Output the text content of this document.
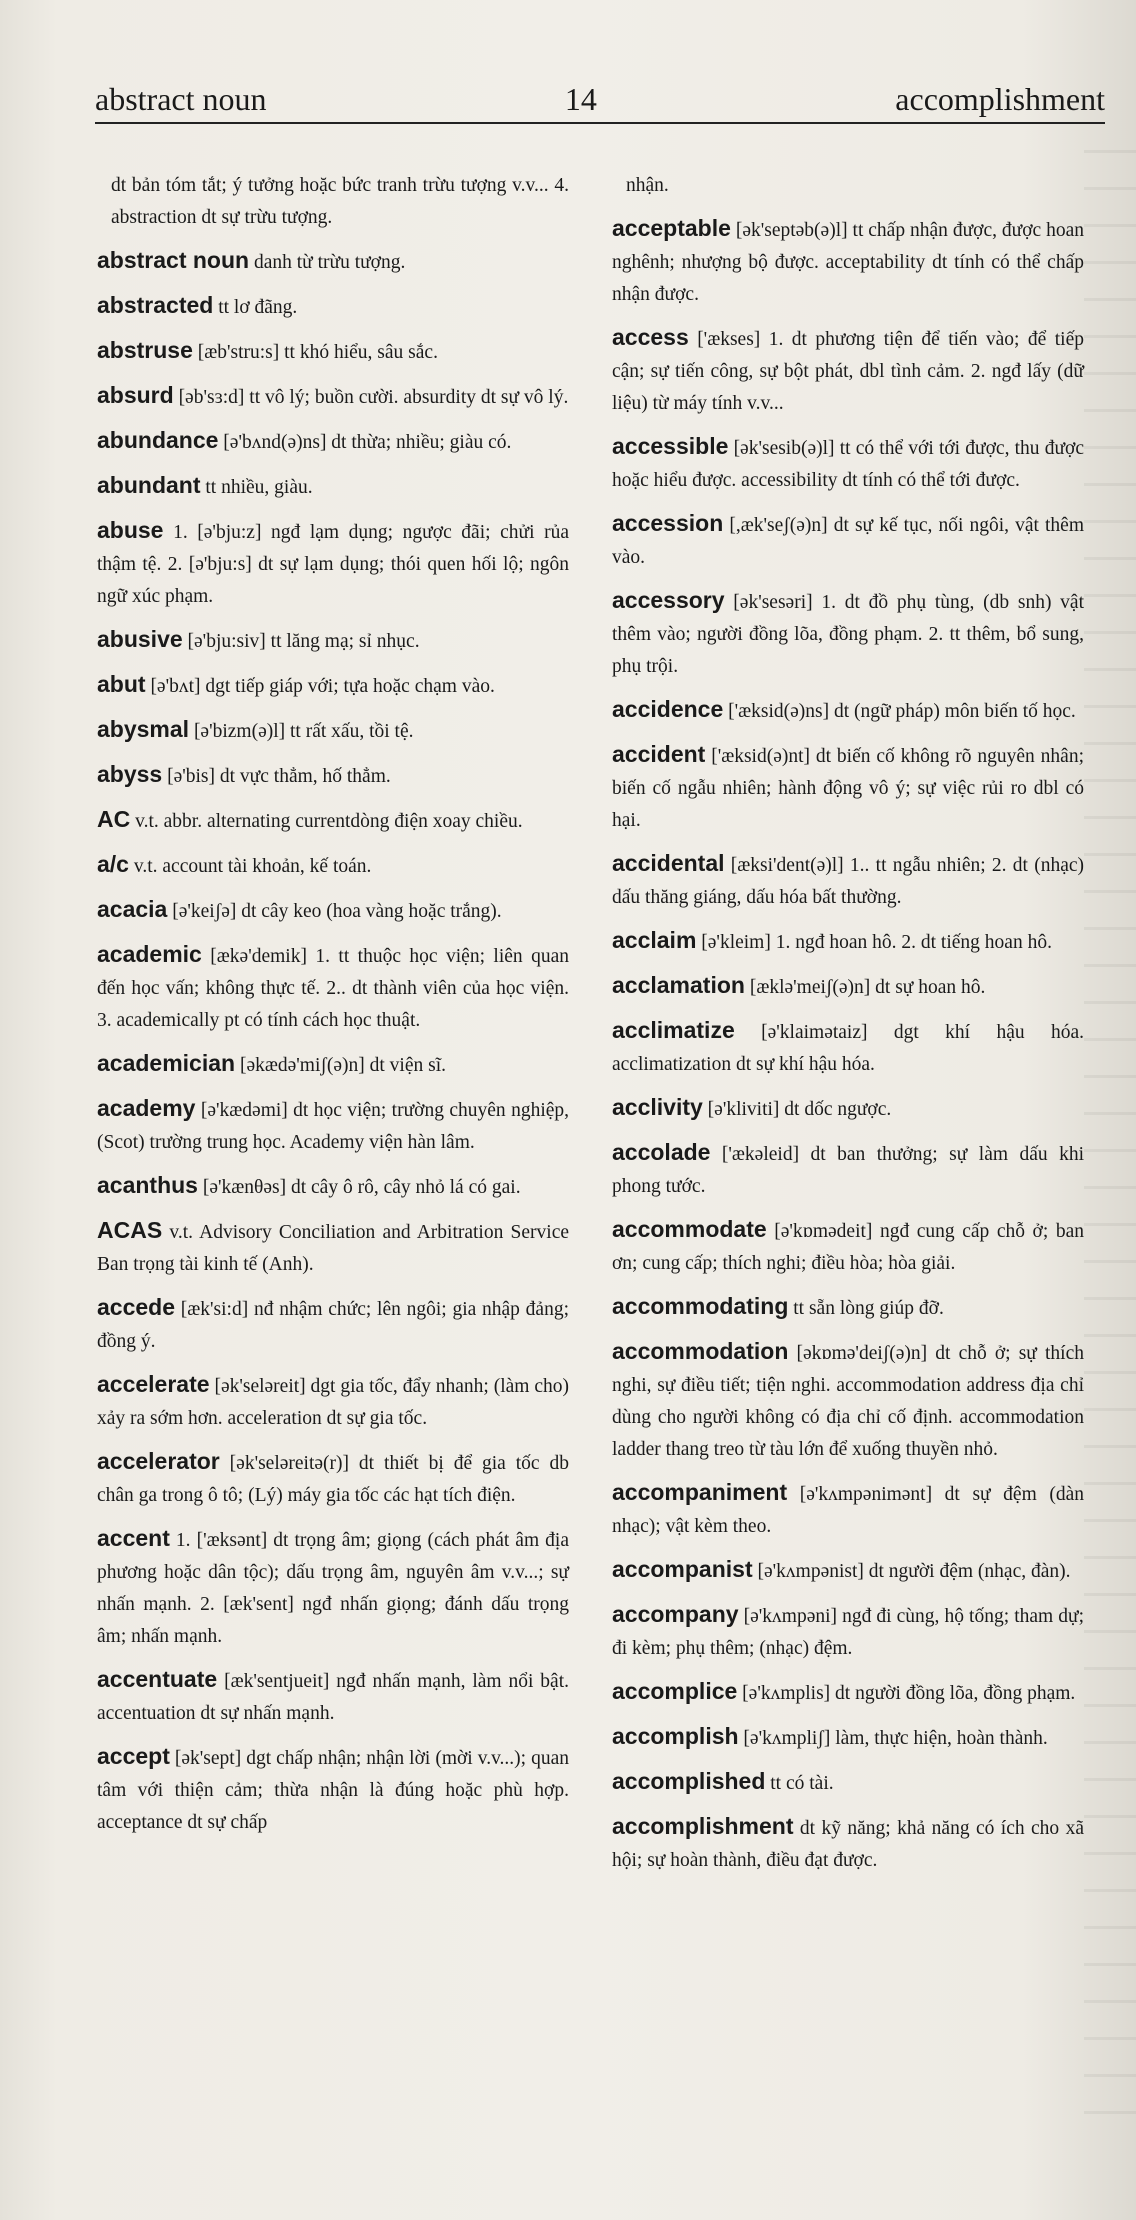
abstract noun	14	accomplishment

dt bản tóm tắt; ý tưởng hoặc bức tranh trừu tượng v.v... 4. abstraction dt sự trừu tượng.

abstract noun danh từ trừu tượng.

abstracted tt lơ đãng.

abstruse [æb'stru:s] tt khó hiểu, sâu sắc.

absurd [əb'sɜ:d] tt vô lý; buồn cười. absurdity dt sự vô lý.

abundance [ə'bʌnd(ə)ns] dt thừa; nhiều; giàu có.

abundant tt nhiều, giàu.

abuse 1. [ə'bju:z] ngđ lạm dụng; ngược đãi; chửi rủa thậm tệ. 2. [ə'bju:s] dt sự lạm dụng; thói quen hối lộ; ngôn ngữ xúc phạm.

abusive [ə'bju:siv] tt lăng mạ; sỉ nhục.

abut [ə'bʌt] dgt tiếp giáp với; tựa hoặc chạm vào.

abysmal [ə'bizm(ə)l] tt rất xấu, tồi tệ.

abyss [ə'bis] dt vực thẳm, hố thẳm.

AC v.t. abbr. alternating currentdòng điện xoay chiều.

a/c v.t. account tài khoản, kế toán.

acacia [ə'keiʃə] dt cây keo (hoa vàng hoặc trắng).

academic [ækə'demik] 1. tt thuộc học viện; liên quan đến học vấn; không thực tế. 2.. dt thành viên của học viện. 3. academically pt có tính cách học thuật.

academician [əkædə'miʃ(ə)n] dt viện sĩ.

academy [ə'kædəmi] dt học viện; trường chuyên nghiệp, (Scot) trường trung học. Academy viện hàn lâm.

acanthus [ə'kænθəs] dt cây ô rô, cây nhỏ lá có gai.

ACAS v.t. Advisory Conciliation and Arbitration Service Ban trọng tài kinh tế (Anh).

accede [æk'si:d] nđ nhậm chức; lên ngôi; gia nhập đảng; đồng ý.

accelerate [ək'seləreit] dgt gia tốc, đẩy nhanh; (làm cho) xảy ra sớm hơn. acceleration dt sự gia tốc.

accelerator [ək'seləreitə(r)] dt thiết bị để gia tốc db chân ga trong ô tô; (Lý) máy gia tốc các hạt tích điện.

accent 1. ['æksənt] dt trọng âm; giọng (cách phát âm địa phương hoặc dân tộc); dấu trọng âm, nguyên âm v.v...; sự nhấn mạnh. 2. [æk'sent] ngđ nhấn giọng; đánh dấu trọng âm; nhấn mạnh.

accentuate [æk'sentjueit] ngđ nhấn mạnh, làm nổi bật. accentuation dt sự nhấn mạnh.

accept [ək'sept] dgt chấp nhận; nhận lời (mời v.v...); quan tâm với thiện cảm; thừa nhận là đúng hoặc phù hợp. acceptance dt sự chấp

nhận.

acceptable [ək'septəb(ə)l] tt chấp nhận được, được hoan nghênh; nhượng bộ được. acceptability dt tính có thể chấp nhận được.

access ['ækses] 1. dt phương tiện để tiến vào; để tiếp cận; sự tiến công, sự bột phát, dbl tình cảm. 2. ngđ lấy (dữ liệu) từ máy tính v.v...

accessible [ək'sesib(ə)l] tt có thể với tới được, thu được hoặc hiểu được. accessibility dt tính có thể tới được.

accession [,æk'seʃ(ə)n] dt sự kế tục, nối ngôi, vật thêm vào.

accessory [ək'sesəri] 1. dt đồ phụ tùng, (db snh) vật thêm vào; người đồng lõa, đồng phạm. 2. tt thêm, bổ sung, phụ trội.

accidence ['æksid(ə)ns] dt (ngữ pháp) môn biến tố học.

accident ['æksid(ə)nt] dt biến cố không rõ nguyên nhân; biến cố ngẫu nhiên; hành động vô ý; sự việc rủi ro dbl có hại.

accidental [æksi'dent(ə)l] 1.. tt ngẫu nhiên; 2. dt (nhạc) dấu thăng giáng, dấu hóa bất thường.

acclaim [ə'kleim] 1. ngđ hoan hô. 2. dt tiếng hoan hô.

acclamation [æklə'meiʃ(ə)n] dt sự hoan hô.

acclimatize [ə'klaimətaiz] dgt khí hậu hóa. acclimatization dt sự khí hậu hóa.

acclivity [ə'kliviti] dt dốc ngược.

accolade ['ækəleid] dt ban thưởng; sự làm dấu khi phong tước.

accommodate [ə'kɒmədeit] ngđ cung cấp chỗ ở; ban ơn; cung cấp; thích nghi; điều hòa; hòa giải.

accommodating tt sẵn lòng giúp đỡ.

accommodation [əkɒmə'deiʃ(ə)n] dt chỗ ở; sự thích nghi, sự điều tiết; tiện nghi. accommodation address địa chỉ dùng cho người không có địa chỉ cố định. accommodation ladder thang treo từ tàu lớn để xuống thuyền nhỏ.

accompaniment [ə'kʌmpənimənt] dt sự đệm (dàn nhạc); vật kèm theo.

accompanist [ə'kʌmpənist] dt người đệm (nhạc, đàn).

accompany [ə'kʌmpəni] ngđ đi cùng, hộ tống; tham dự; đi kèm; phụ thêm; (nhạc) đệm.

accomplice [ə'kʌmplis] dt người đồng lõa, đồng phạm.

accomplish [ə'kʌmpliʃ] làm, thực hiện, hoàn thành.

accomplished tt có tài.

accomplishment dt kỹ năng; khả năng có ích cho xã hội; sự hoàn thành, điều đạt được.
